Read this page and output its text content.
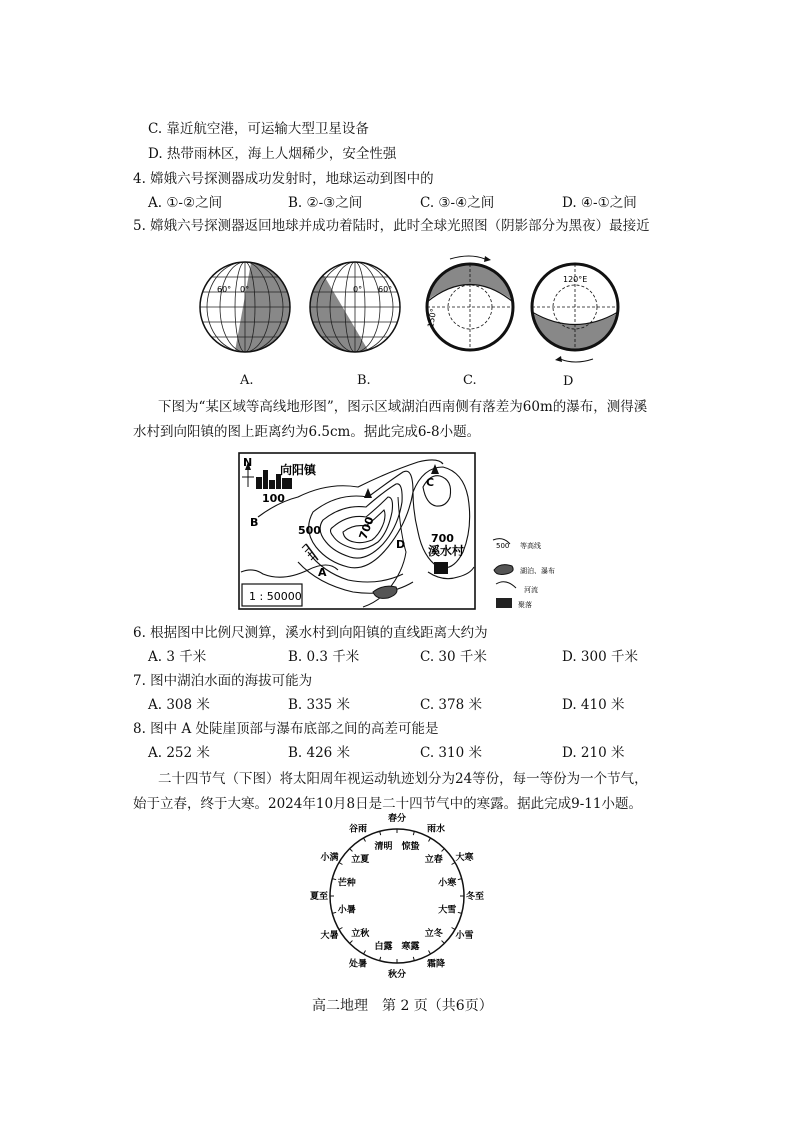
C. 靠近航空港，可运输大型卫星设备
D. 热带雨林区，海上人烟稀少，安全性强
4. 嫦娥六号探测器成功发射时，地球运动到图中的
A. ①-②之间	B. ②-③之间	C. ③-④之间	D. ④-①之间
5. 嫦娥六号探测器返回地球并成功着陆时，此时全球光照图（阴影部分为黑夜）最接近
60° 0°	0° 60°
150°
120°E
A.	B.	C.	D
下图为“某区域等高线地形图”，图示区域湖泊西南侧有落差为60m的瀑布，测得溪
水村到向阳镇的图上距离约为6.5cm。据此完成6-8小题。
N
向阳镇
溪水村
100
500	700	700
A
B
C
D
1 : 50000
500 等高线
湖泊、瀑布
河流
聚落
6. 根据图中比例尺测算，溪水村到向阳镇的直线距离大约为
A. 3 千米	B. 0.3 千米	C. 30 千米	D. 300 千米
7. 图中湖泊水面的海拔可能为
A. 308 米	B. 335 米	C. 378 米	D. 410 米
8. 图中 A 处陡崖顶部与瀑布底部之间的高差可能是
A. 252 米	B. 426 米	C. 310 米	D. 210 米
二十四节气（下图）将太阳周年视运动轨迹划分为24等份，每一等份为一个节气，
始于立春，终于大寒。2024年10月8日是二十四节气中的寒露。据此完成9-11小题。
春分
雨水
大寒
冬至
小雪
霜降
秋分
处暑
大暑
夏至
小满
谷雨
惊蛰
立春
小寒
大雪
立冬
寒露
白露
立秋
小暑
芒种
立夏
清明
高二地理　第 2 页（共6页）
